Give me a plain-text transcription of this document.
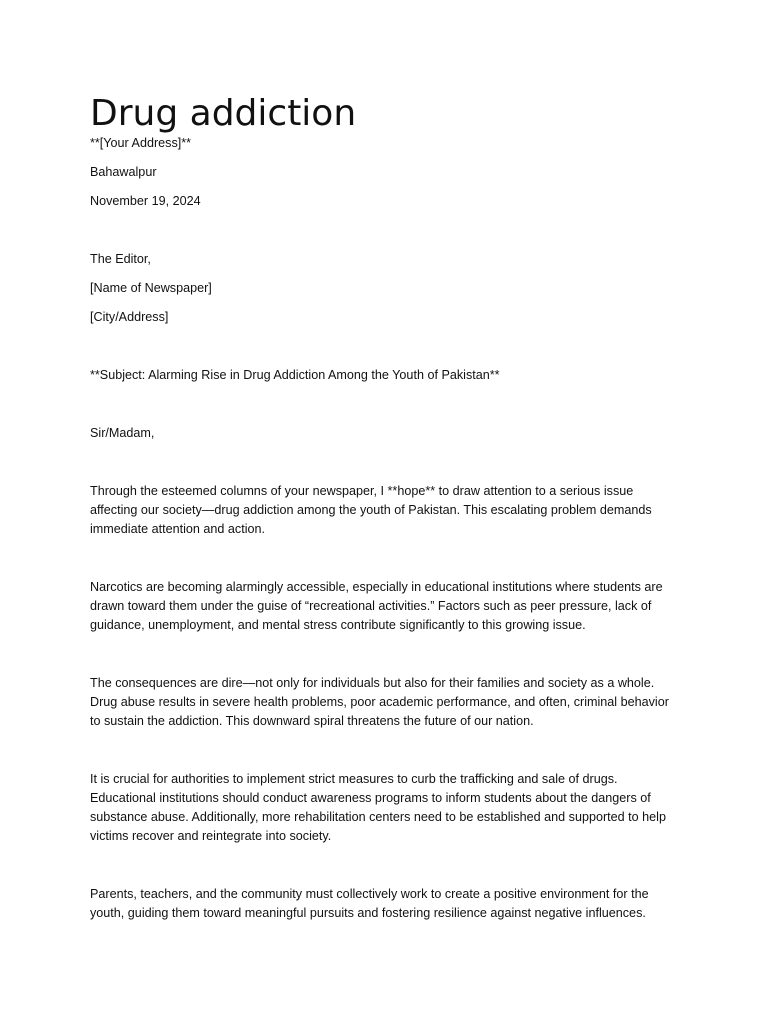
Drug addiction

**[Your Address]**

Bahawalpur

November 19, 2024

The Editor,

[Name of Newspaper]

[City/Address]

**Subject: Alarming Rise in Drug Addiction Among the Youth of Pakistan**

Sir/Madam,

Through the esteemed columns of your newspaper, I **hope** to draw attention to a serious issue
affecting our society—drug addiction among the youth of Pakistan. This escalating problem demands
immediate attention and action.
Narcotics are becoming alarmingly accessible, especially in educational institutions where students are
drawn toward them under the guise of “recreational activities.” Factors such as peer pressure, lack of
guidance, unemployment, and mental stress contribute significantly to this growing issue.
The consequences are dire—not only for individuals but also for their families and society as a whole.
Drug abuse results in severe health problems, poor academic performance, and often, criminal behavior
to sustain the addiction. This downward spiral threatens the future of our nation.
It is crucial for authorities to implement strict measures to curb the trafficking and sale of drugs.
Educational institutions should conduct awareness programs to inform students about the dangers of
substance abuse. Additionally, more rehabilitation centers need to be established and supported to help
victims recover and reintegrate into society.
Parents, teachers, and the community must collectively work to create a positive environment for the
youth, guiding them toward meaningful pursuits and fostering resilience against negative influences.
